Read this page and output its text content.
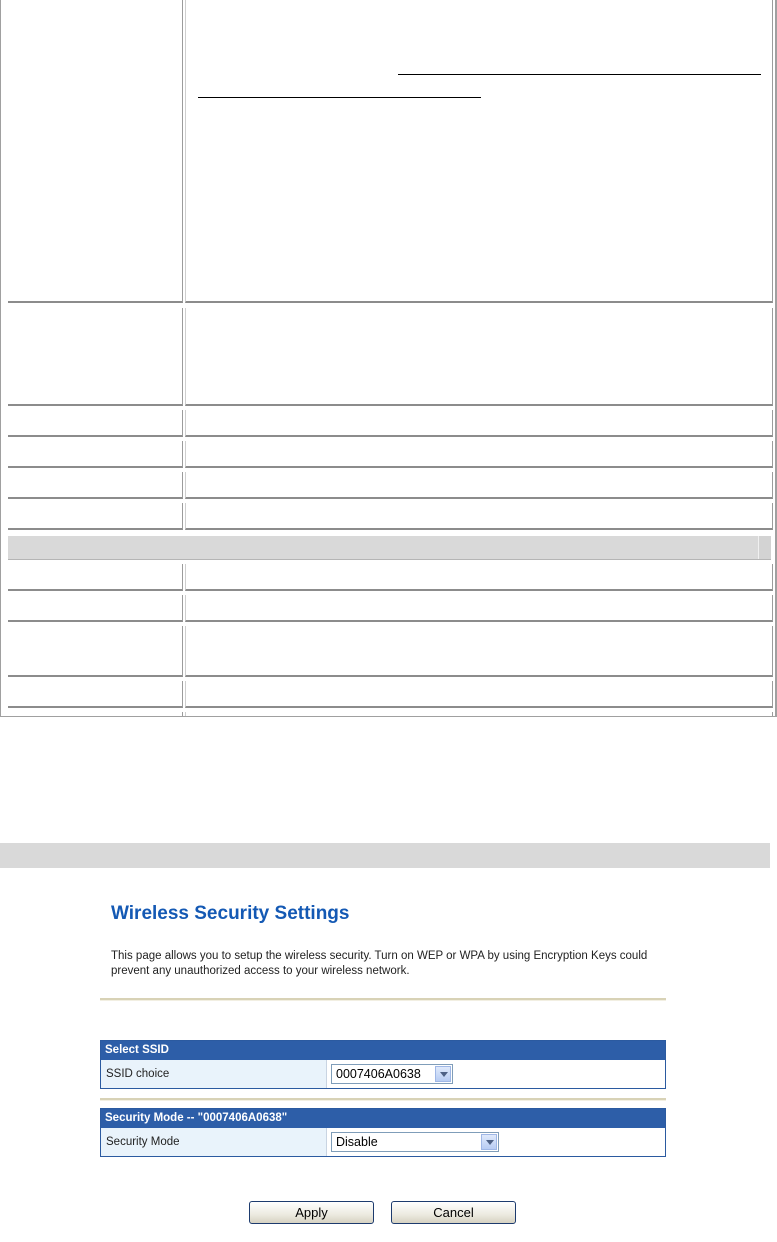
Wireless Security Settings
This page allows you to setup the wireless security. Turn on WEP or WPA by using Encryption Keys could prevent any unauthorized access to your wireless network.
Select SSID
SSID choice	0007406A0638
Security Mode -- "0007406A0638"
Security Mode	Disable
Apply	Cancel
